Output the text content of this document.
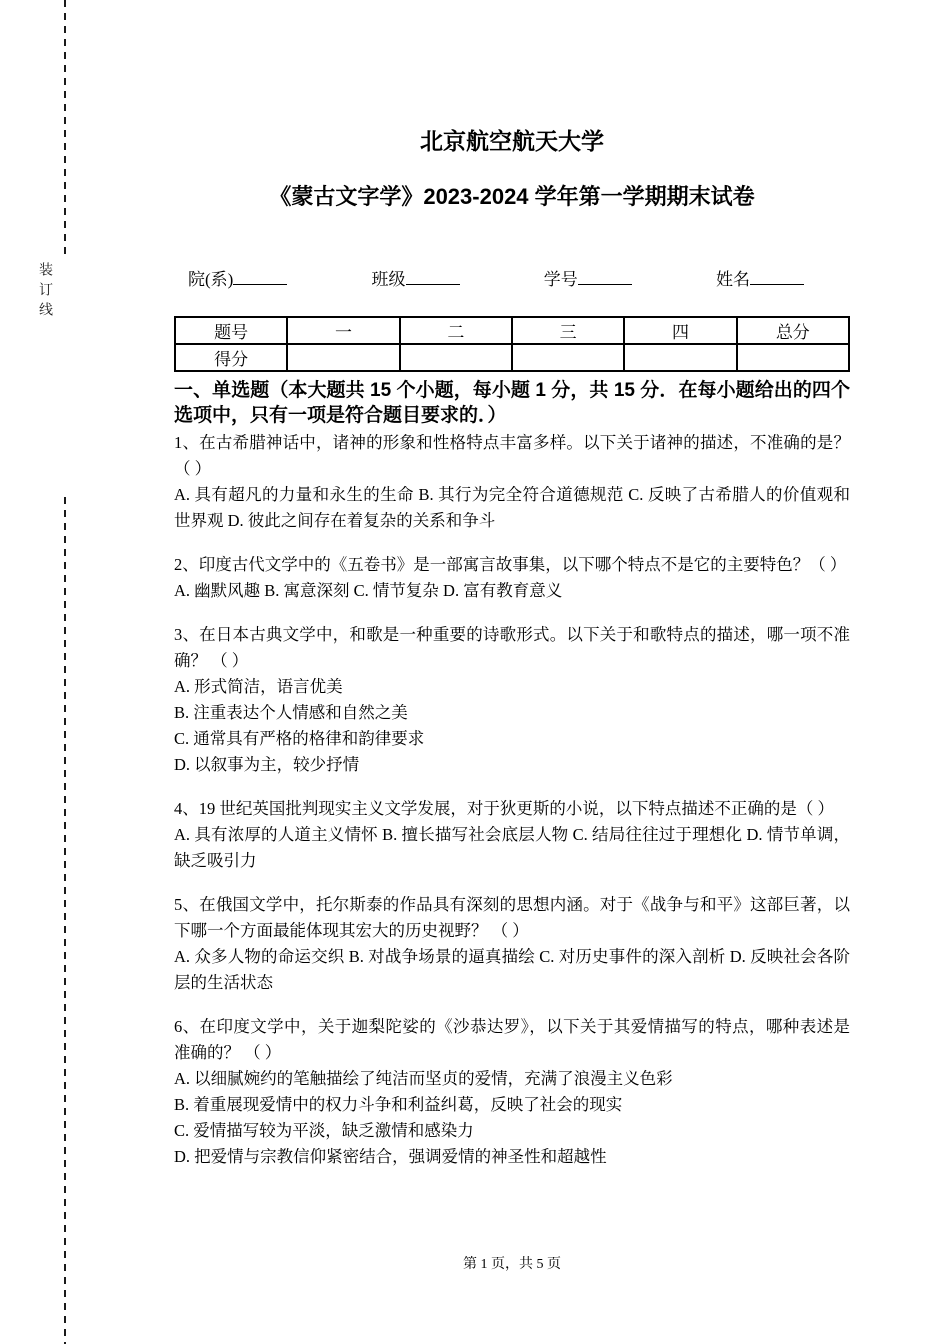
装订线
北京航空航天大学
《蒙古文字学》2023-2024 学年第一学期期末试卷
院(系)	班级	学号	姓名
题号	一	二	三	四	总分
得分					
一、单选题（本大题共 15 个小题，每小题 1 分，共 15 分．在每小题给出的四个选项中，只有一项是符合题目要求的．）
1、在古希腊神话中，诸神的形象和性格特点丰富多样。以下关于诸神的描述，不准确的是？（ ）
A. 具有超凡的力量和永生的生命 B. 其行为完全符合道德规范 C. 反映了古希腊人的价值观和世界观 D. 彼此之间存在着复杂的关系和争斗
2、印度古代文学中的《五卷书》是一部寓言故事集，以下哪个特点不是它的主要特色？（ ）
A. 幽默风趣 B. 寓意深刻 C. 情节复杂 D. 富有教育意义
3、在日本古典文学中，和歌是一种重要的诗歌形式。以下关于和歌特点的描述，哪一项不准确？ （ ）
A. 形式简洁，语言优美
B. 注重表达个人情感和自然之美
C. 通常具有严格的格律和韵律要求
D. 以叙事为主，较少抒情
4、19 世纪英国批判现实主义文学发展，对于狄更斯的小说，以下特点描述不正确的是（ ）
A. 具有浓厚的人道主义情怀 B. 擅长描写社会底层人物 C. 结局往往过于理想化 D. 情节单调，缺乏吸引力
5、在俄国文学中，托尔斯泰的作品具有深刻的思想内涵。对于《战争与和平》这部巨著，以下哪一个方面最能体现其宏大的历史视野？ （ ）
A. 众多人物的命运交织 B. 对战争场景的逼真描绘 C. 对历史事件的深入剖析 D. 反映社会各阶层的生活状态
6、在印度文学中，关于迦梨陀娑的《沙恭达罗》，以下关于其爱情描写的特点，哪种表述是准确的？ （ ）
A. 以细腻婉约的笔触描绘了纯洁而坚贞的爱情，充满了浪漫主义色彩
B. 着重展现爱情中的权力斗争和利益纠葛，反映了社会的现实
C. 爱情描写较为平淡，缺乏激情和感染力
D. 把爱情与宗教信仰紧密结合，强调爱情的神圣性和超越性
第 1 页，共 5 页
